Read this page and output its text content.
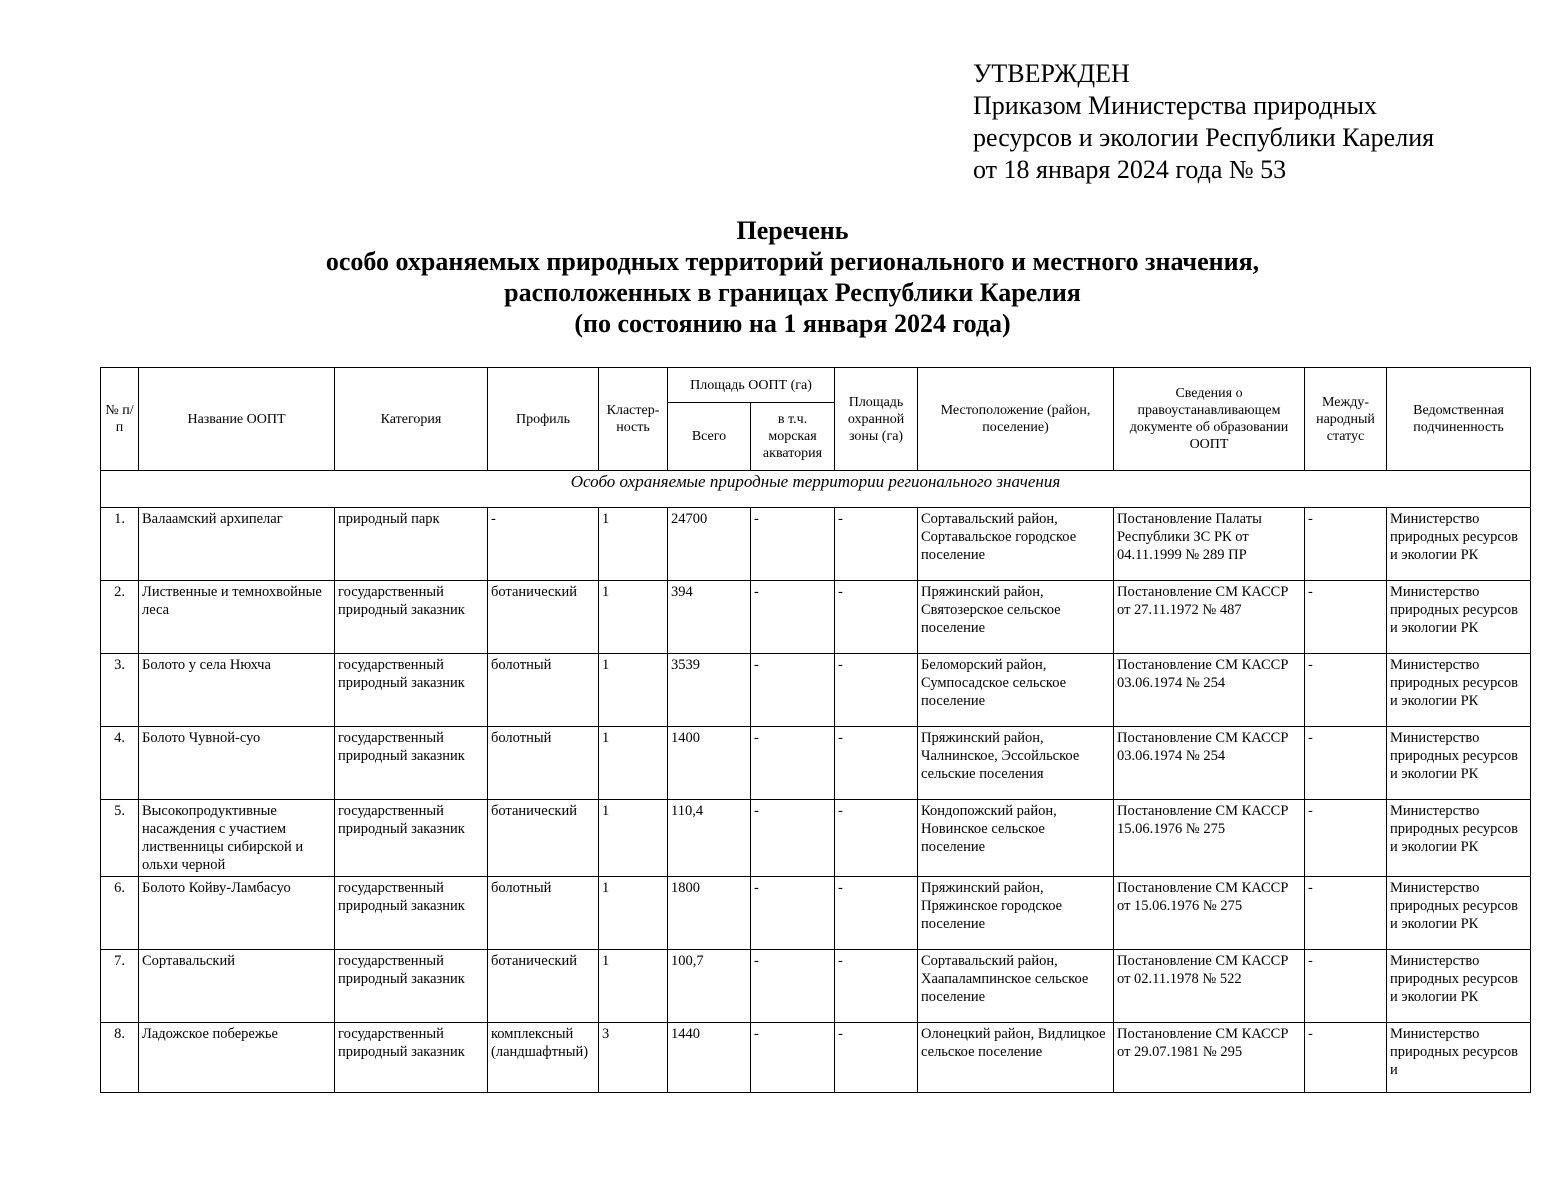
УТВЕРЖДЕН
Приказом Министерства природных
ресурсов и экологии Республики Карелия
от 18 января 2024 года № 53
Перечень
особо охраняемых природных территорий регионального и местного значения,
расположенных в границах Республики Карелия
(по состоянию на 1 января 2024 года)
№ п/п	Название ООПТ	Категория	Профиль	Кластер-ность	Площадь ООПТ (га)		Площадь охранной зоны (га)	Местоположение (район, поселение)	Сведения о правоустанавливающем документе об образовании ООПТ	Между-народный статус	Ведомственная подчиненность
					Всего	в т.ч. морская акватория					
Особо охраняемые природные территории регионального значения											
1.	Валаамский архипелаг	природный парк	-	1	24700	-	-	Сортавальский район, Сортавальское городское поселение	Постановление Палаты Республики ЗС РК от 04.11.1999 № 289 ПР	-	Министерство природных ресурсов и экологии РК
2.	Лиственные и темнохвойные леса	государственный природный заказник	ботанический	1	394	-	-	Пряжинский район, Святозерское сельское поселение	Постановление СМ КАССР от 27.11.1972 № 487	-	Министерство природных ресурсов и экологии РК
3.	Болото у села Нюхча	государственный природный заказник	болотный	1	3539	-	-	Беломорский район, Сумпосадское сельское поселение	Постановление СМ КАССР 03.06.1974 № 254	-	Министерство природных ресурсов и экологии РК
4.	Болото Чувной-суо	государственный природный заказник	болотный	1	1400	-	-	Пряжинский район, Чалнинское, Эссойльское сельские поселения	Постановление СМ КАССР 03.06.1974 № 254	-	Министерство природных ресурсов и экологии РК
5.	Высокопродуктивные насаждения с участием лиственницы сибирской и ольхи черной	государственный природный заказник	ботанический	1	110,4	-	-	Кондопожский район, Новинское сельское поселение	Постановление СМ КАССР 15.06.1976 № 275	-	Министерство природных ресурсов и экологии РК
6.	Болото Койву-Ламбасуо	государственный природный заказник	болотный	1	1800	-	-	Пряжинский район, Пряжинское городское поселение	Постановление СМ КАССР от 15.06.1976 № 275	-	Министерство природных ресурсов и экологии РК
7.	Сортавальский	государственный природный заказник	ботанический	1	100,7	-	-	Сортавальский район, Хаапалампинское сельское поселение	Постановление СМ КАССР от 02.11.1978 № 522	-	Министерство природных ресурсов и экологии РК
8.	Ладожское побережье	государственный природный заказник	комплексный (ландшафтный)	3	1440	-	-	Олонецкий район, Видлицкое сельское поселение	Постановление СМ КАССР от 29.07.1981 № 295	-	Министерство природных ресурсов и
